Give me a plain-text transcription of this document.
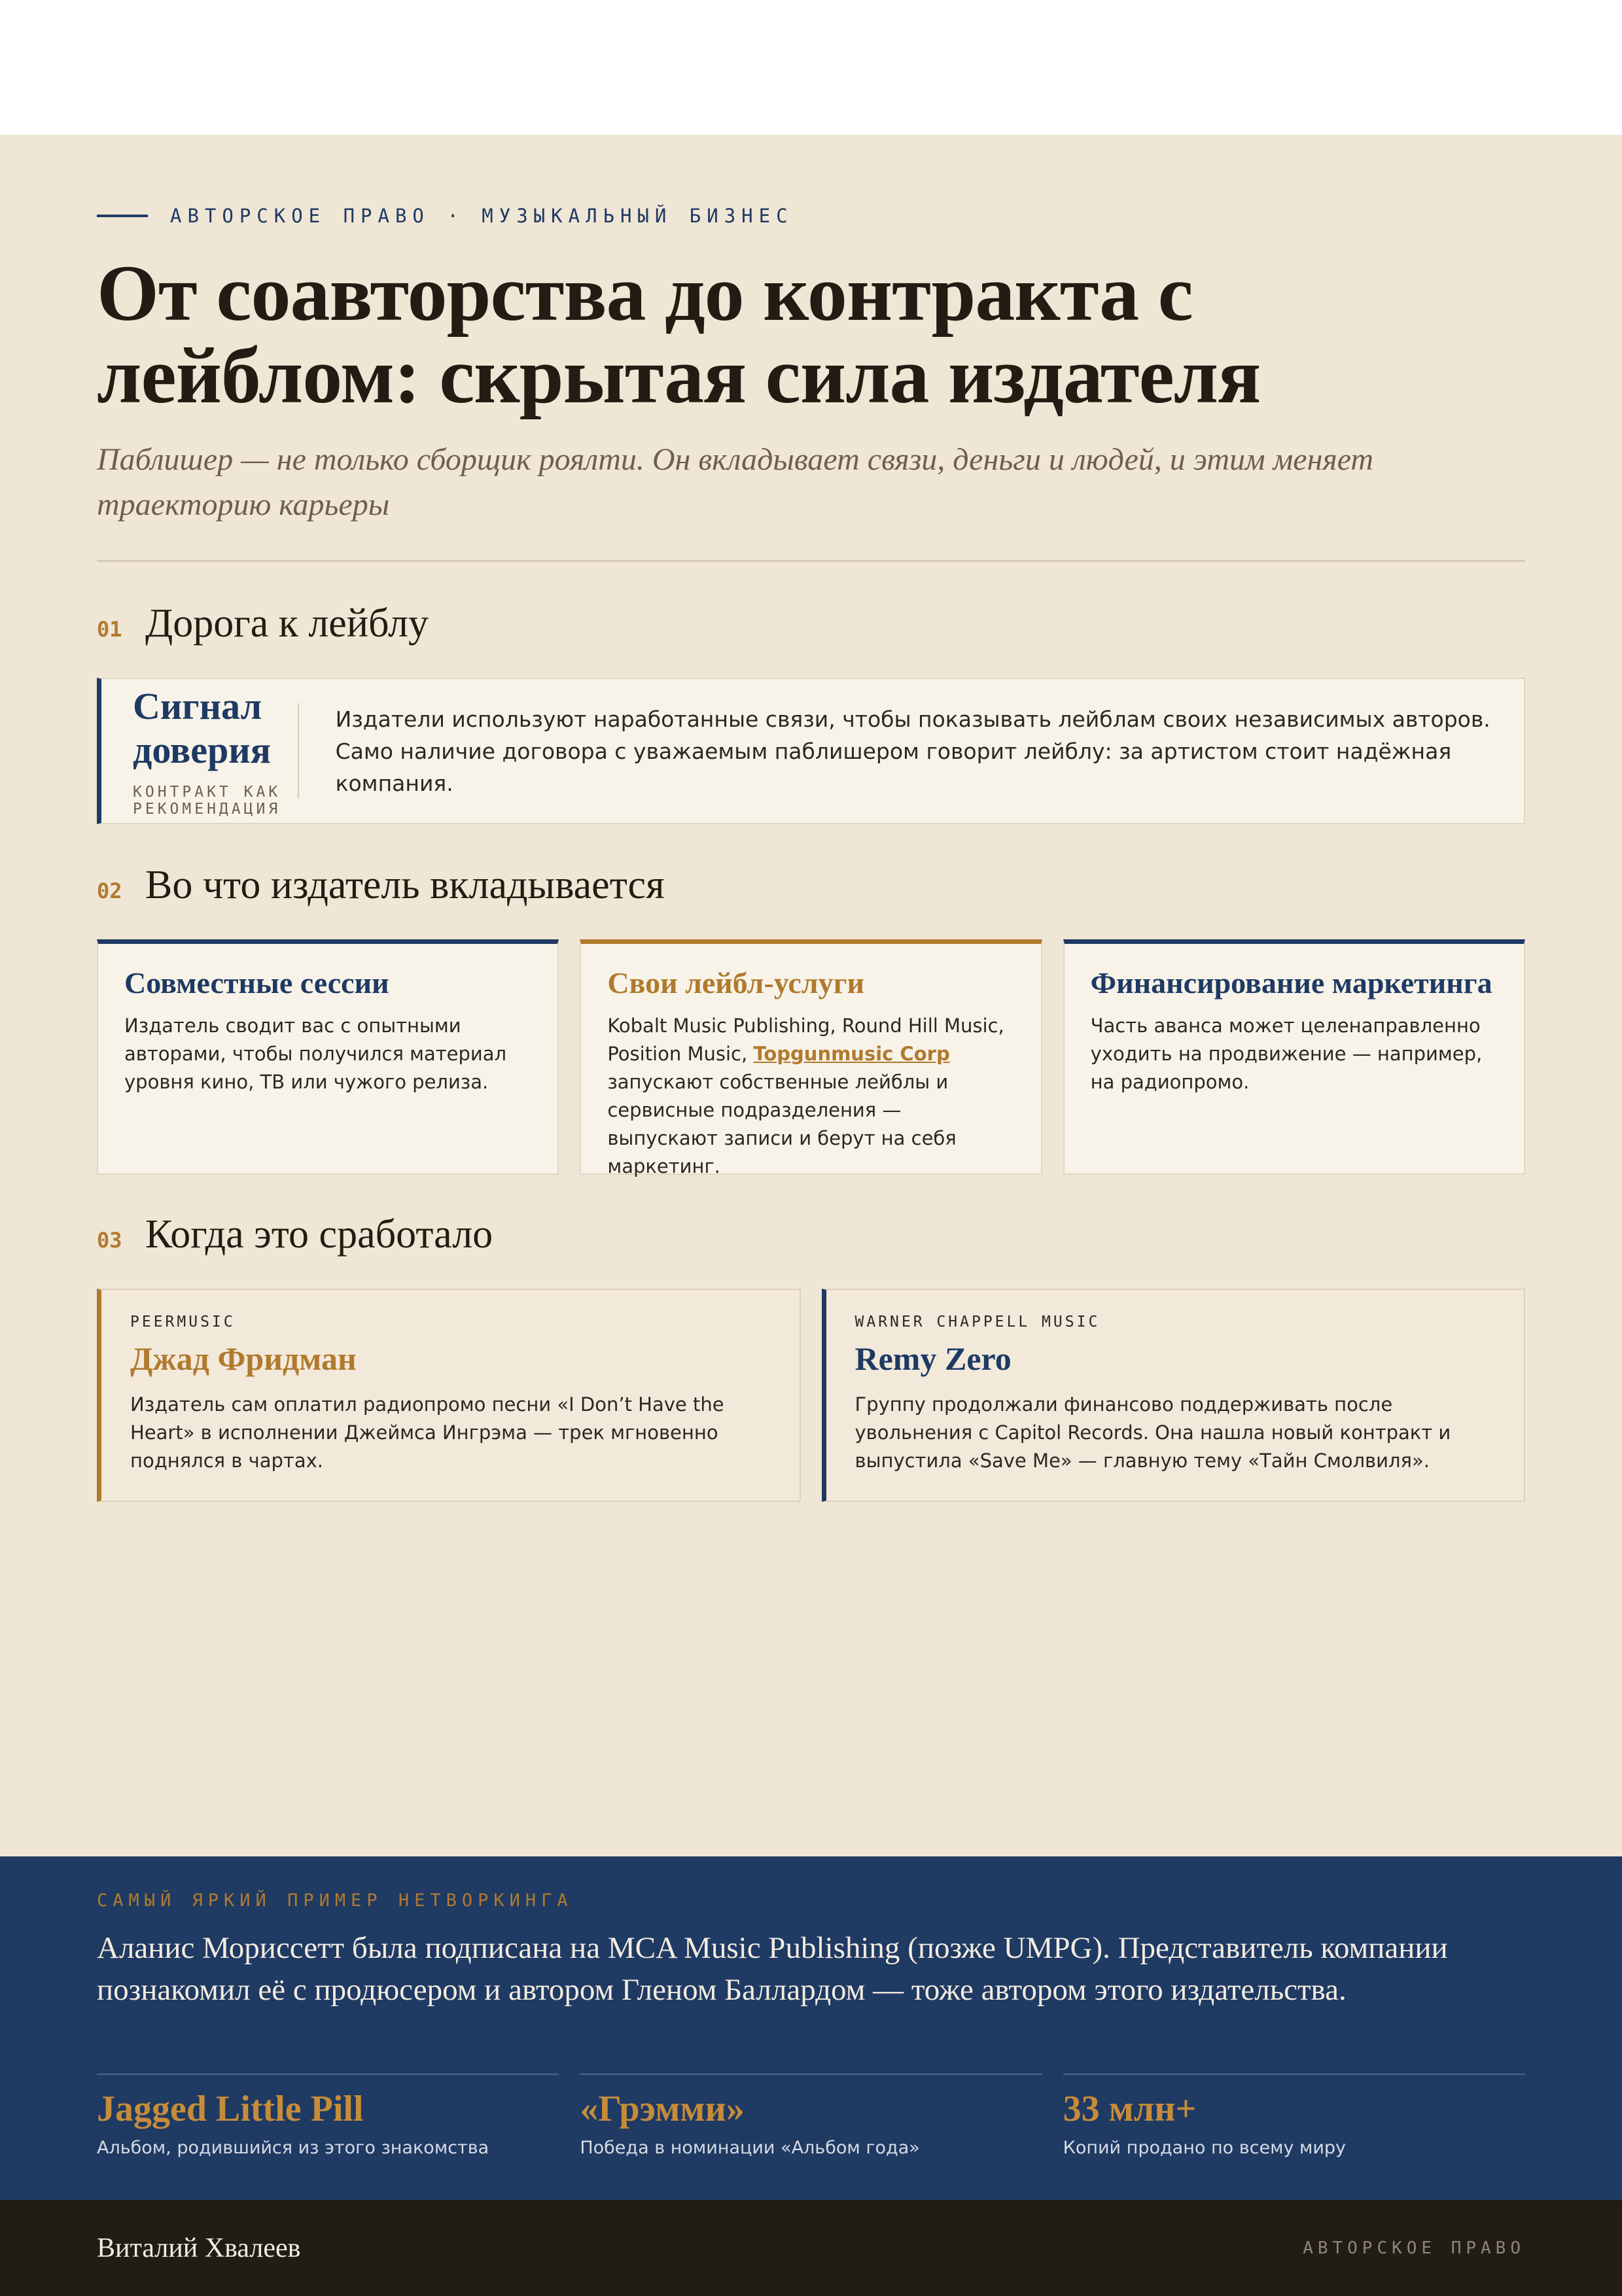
АВТОРСКОЕ ПРАВО · МУЗЫКАЛЬНЫЙ БИЗНЕС
От соавторства до контракта с лейблом: скрытая сила издателя

Паблишер — не только сборщик роялти. Он вкладывает связи, деньги и людей, и этим меняет траекторию карьеры

01 Дорога к лейблу
Сигнал доверия
КОНТРАКТ КАК РЕКОМЕНДАЦИЯ
Издатели используют наработанные связи, чтобы показывать лейблам своих независимых авторов. Само наличие договора с уважаемым паблишером говорит лейблу: за артистом стоит надёжная компания.
02 Во что издатель вкладывается
Совместные сессии
Издатель сводит вас с опытными авторами, чтобы получился материал уровня кино, ТВ или чужого релиза.
Свои лейбл-услуги
Kobalt Music Publishing, Round Hill Music, Position Music, Topgunmusic Corp запускают собственные лейблы и сервисные подразделения — выпускают записи и берут на себя маркетинг.
Финансирование маркетинга
Часть аванса может целенаправленно уходить на продвижение — например, на радиопромо.
03 Когда это сработало
PEERMUSIC
Джад Фридман
Издатель сам оплатил радиопромо песни «I Don’t Have the Heart» в исполнении Джеймса Ингрэма — трек мгновенно поднялся в чартах.
WARNER CHAPPELL MUSIC
Remy Zero
Группу продолжали финансово поддерживать после увольнения с Capitol Records. Она нашла новый контракт и выпустила «Save Me» — главную тему «Тайн Смолвиля».
САМЫЙ ЯРКИЙ ПРИМЕР НЕТВОРКИНГА
Аланис Мориссетт была подписана на MCA Music Publishing (позже UMPG). Представитель компании познакомил её с продюсером и автором Гленом Баллардом — тоже автором этого издательства.
Jagged Little Pill
Альбом, родившийся из этого знакомства
«Грэмми»
Победа в номинации «Альбом года»
33 млн+
Копий продано по всему миру
Виталий Хвалеев	АВТОРСКОЕ ПРАВО
